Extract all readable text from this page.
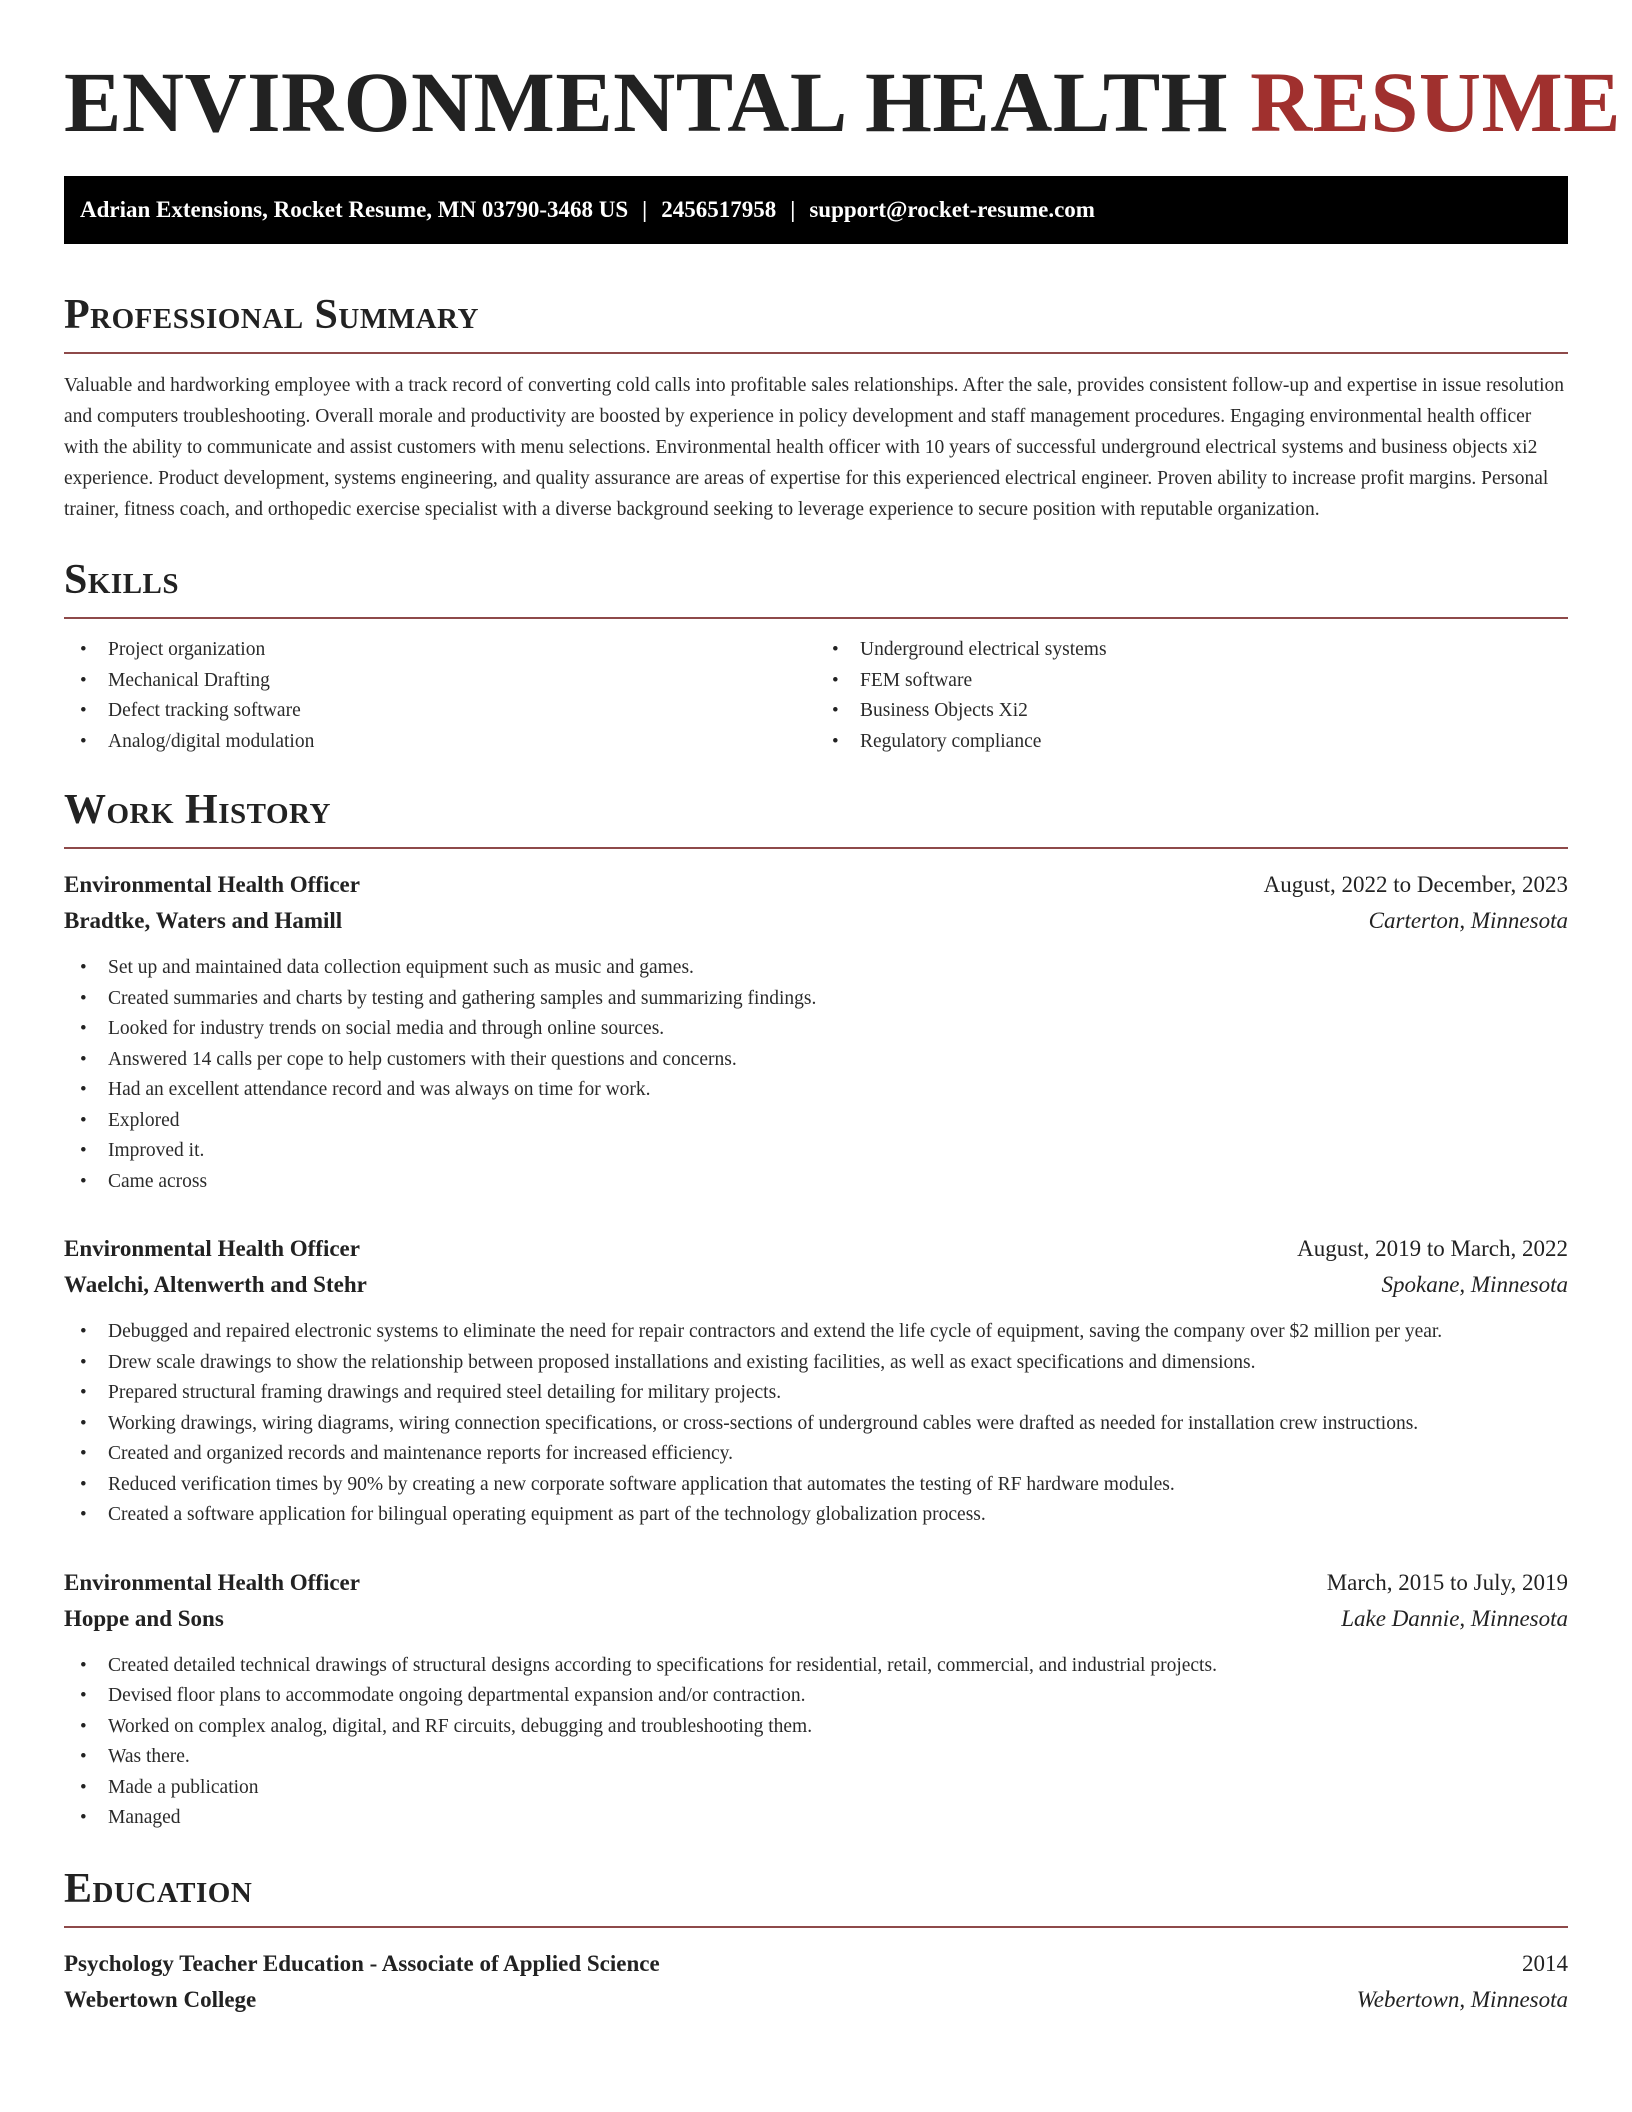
ENVIRONMENTAL HEALTH RESUME
Adrian Extensions, Rocket Resume, MN 03790-3468 US | 2456517958 | support@rocket-resume.com
Professional Summary

Valuable and hardworking employee with a track record of converting cold calls into profitable sales relationships. After the sale, provides consistent follow-up and expertise in issue resolution and computers troubleshooting. Overall morale and productivity are boosted by experience in policy development and staff management procedures. Engaging environmental health officer with the ability to communicate and assist customers with menu selections. Environmental health officer with 10 years of successful underground electrical systems and business objects xi2 experience. Product development, systems engineering, and quality assurance are areas of expertise for this experienced electrical engineer. Proven ability to increase profit margins. Personal trainer, fitness coach, and orthopedic exercise specialist with a diverse background seeking to leverage experience to secure position with reputable organization.

Skills
• Project organization
• Mechanical Drafting
• Defect tracking software
• Analog/digital modulation
• Underground electrical systems
• FEM software
• Business Objects Xi2
• Regulatory compliance
Work History
Environmental Health Officer	August, 2022 to December, 2023
Bradtke, Waters and Hamill	Carterton, Minnesota
• Set up and maintained data collection equipment such as music and games.
• Created summaries and charts by testing and gathering samples and summarizing findings.
• Looked for industry trends on social media and through online sources.
• Answered 14 calls per cope to help customers with their questions and concerns.
• Had an excellent attendance record and was always on time for work.
• Explored
• Improved it.
• Came across
Environmental Health Officer	August, 2019 to March, 2022
Waelchi, Altenwerth and Stehr	Spokane, Minnesota
• Debugged and repaired electronic systems to eliminate the need for repair contractors and extend the life cycle of equipment, saving the company over $2 million per year.
• Drew scale drawings to show the relationship between proposed installations and existing facilities, as well as exact specifications and dimensions.
• Prepared structural framing drawings and required steel detailing for military projects.
• Working drawings, wiring diagrams, wiring connection specifications, or cross-sections of underground cables were drafted as needed for installation crew instructions.
• Created and organized records and maintenance reports for increased efficiency.
• Reduced verification times by 90% by creating a new corporate software application that automates the testing of RF hardware modules.
• Created a software application for bilingual operating equipment as part of the technology globalization process.
Environmental Health Officer	March, 2015 to July, 2019
Hoppe and Sons	Lake Dannie, Minnesota
• Created detailed technical drawings of structural designs according to specifications for residential, retail, commercial, and industrial projects.
• Devised floor plans to accommodate ongoing departmental expansion and/or contraction.
• Worked on complex analog, digital, and RF circuits, debugging and troubleshooting them.
• Was there.
• Made a publication
• Managed
Education
Psychology Teacher Education - Associate of Applied Science	2014
Webertown College	Webertown, Minnesota
